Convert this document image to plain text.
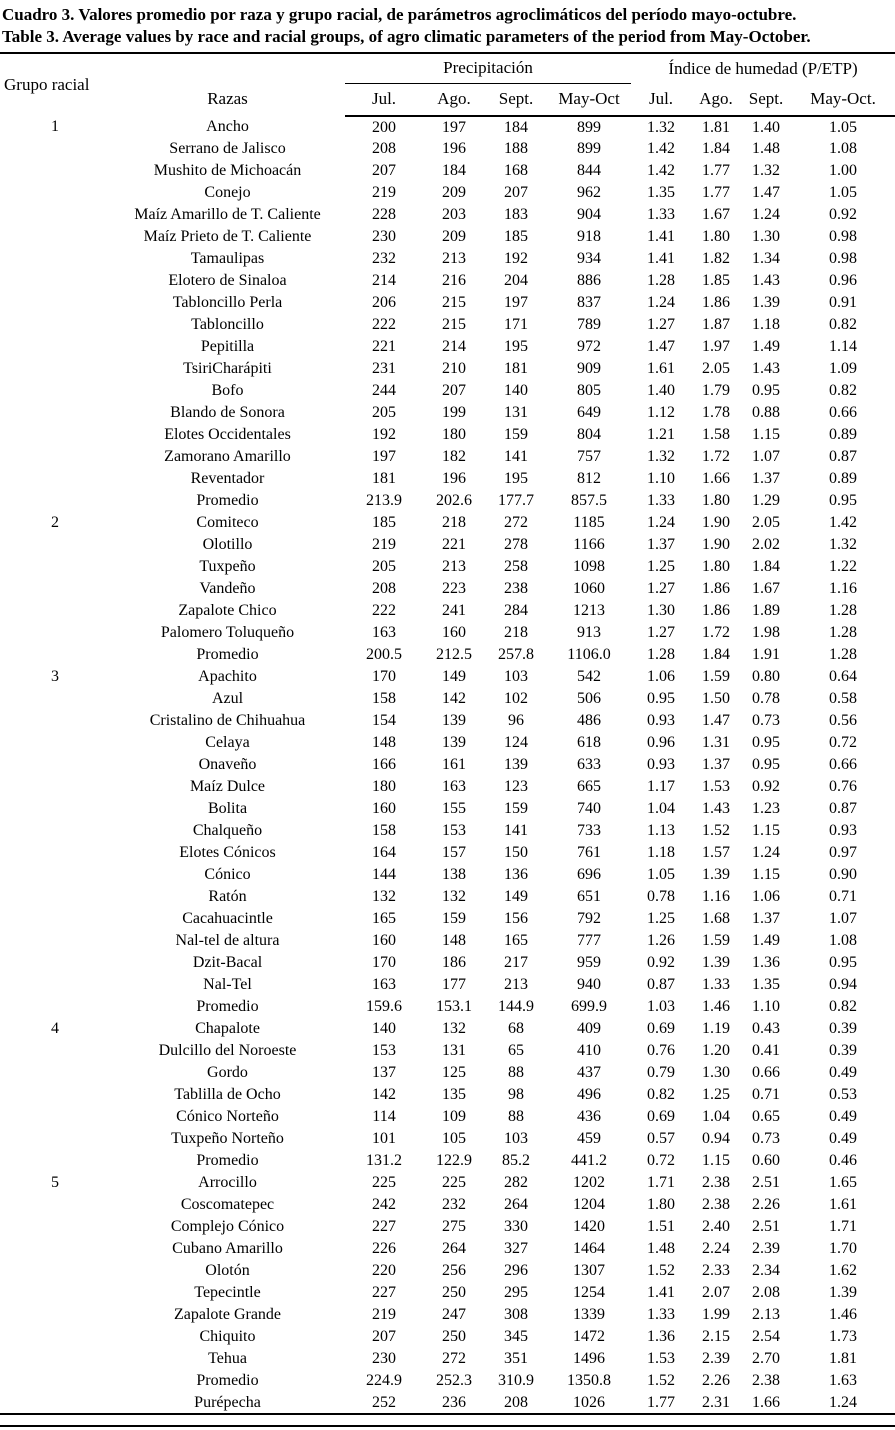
Cuadro 3. Valores promedio por raza y grupo racial, de parámetros agroclimáticos del período mayo-octubre.
Table 3. Average values by race and racial groups, of agro climatic parameters of the period from May-October.
Grupo racial	Razas	Precipitación				Índice de humedad (P/ETP)			
		Jul.	Ago.	Sept.	May-Oct	Jul.	Ago.	Sept.	May-Oct.
1	Ancho	200	197	184	899	1.32	1.81	1.40	1.05
	Serrano de Jalisco	208	196	188	899	1.42	1.84	1.48	1.08
	Mushito de Michoacán	207	184	168	844	1.42	1.77	1.32	1.00
	Conejo	219	209	207	962	1.35	1.77	1.47	1.05
	Maíz Amarillo de T. Caliente	228	203	183	904	1.33	1.67	1.24	0.92
	Maíz Prieto de T. Caliente	230	209	185	918	1.41	1.80	1.30	0.98
	Tamaulipas	232	213	192	934	1.41	1.82	1.34	0.98
	Elotero de Sinaloa	214	216	204	886	1.28	1.85	1.43	0.96
	Tabloncillo Perla	206	215	197	837	1.24	1.86	1.39	0.91
	Tabloncillo	222	215	171	789	1.27	1.87	1.18	0.82
	Pepitilla	221	214	195	972	1.47	1.97	1.49	1.14
	TsiriCharápiti	231	210	181	909	1.61	2.05	1.43	1.09
	Bofo	244	207	140	805	1.40	1.79	0.95	0.82
	Blando de Sonora	205	199	131	649	1.12	1.78	0.88	0.66
	Elotes Occidentales	192	180	159	804	1.21	1.58	1.15	0.89
	Zamorano Amarillo	197	182	141	757	1.32	1.72	1.07	0.87
	Reventador	181	196	195	812	1.10	1.66	1.37	0.89
	Promedio	213.9	202.6	177.7	857.5	1.33	1.80	1.29	0.95
2	Comiteco	185	218	272	1185	1.24	1.90	2.05	1.42
	Olotillo	219	221	278	1166	1.37	1.90	2.02	1.32
	Tuxpeño	205	213	258	1098	1.25	1.80	1.84	1.22
	Vandeño	208	223	238	1060	1.27	1.86	1.67	1.16
	Zapalote Chico	222	241	284	1213	1.30	1.86	1.89	1.28
	Palomero Toluqueño	163	160	218	913	1.27	1.72	1.98	1.28
	Promedio	200.5	212.5	257.8	1106.0	1.28	1.84	1.91	1.28
3	Apachito	170	149	103	542	1.06	1.59	0.80	0.64
	Azul	158	142	102	506	0.95	1.50	0.78	0.58
	Cristalino de Chihuahua	154	139	96	486	0.93	1.47	0.73	0.56
	Celaya	148	139	124	618	0.96	1.31	0.95	0.72
	Onaveño	166	161	139	633	0.93	1.37	0.95	0.66
	Maíz Dulce	180	163	123	665	1.17	1.53	0.92	0.76
	Bolita	160	155	159	740	1.04	1.43	1.23	0.87
	Chalqueño	158	153	141	733	1.13	1.52	1.15	0.93
	Elotes Cónicos	164	157	150	761	1.18	1.57	1.24	0.97
	Cónico	144	138	136	696	1.05	1.39	1.15	0.90
	Ratón	132	132	149	651	0.78	1.16	1.06	0.71
	Cacahuacintle	165	159	156	792	1.25	1.68	1.37	1.07
	Nal-tel de altura	160	148	165	777	1.26	1.59	1.49	1.08
	Dzit-Bacal	170	186	217	959	0.92	1.39	1.36	0.95
	Nal-Tel	163	177	213	940	0.87	1.33	1.35	0.94
	Promedio	159.6	153.1	144.9	699.9	1.03	1.46	1.10	0.82
4	Chapalote	140	132	68	409	0.69	1.19	0.43	0.39
	Dulcillo del Noroeste	153	131	65	410	0.76	1.20	0.41	0.39
	Gordo	137	125	88	437	0.79	1.30	0.66	0.49
	Tablilla de Ocho	142	135	98	496	0.82	1.25	0.71	0.53
	Cónico Norteño	114	109	88	436	0.69	1.04	0.65	0.49
	Tuxpeño Norteño	101	105	103	459	0.57	0.94	0.73	0.49
	Promedio	131.2	122.9	85.2	441.2	0.72	1.15	0.60	0.46
5	Arrocillo	225	225	282	1202	1.71	2.38	2.51	1.65
	Coscomatepec	242	232	264	1204	1.80	2.38	2.26	1.61
	Complejo Cónico	227	275	330	1420	1.51	2.40	2.51	1.71
	Cubano Amarillo	226	264	327	1464	1.48	2.24	2.39	1.70
	Olotón	220	256	296	1307	1.52	2.33	2.34	1.62
	Tepecintle	227	250	295	1254	1.41	2.07	2.08	1.39
	Zapalote Grande	219	247	308	1339	1.33	1.99	2.13	1.46
	Chiquito	207	250	345	1472	1.36	2.15	2.54	1.73
	Tehua	230	272	351	1496	1.53	2.39	2.70	1.81
	Promedio	224.9	252.3	310.9	1350.8	1.52	2.26	2.38	1.63
	Purépecha	252	236	208	1026	1.77	2.31	1.66	1.24
